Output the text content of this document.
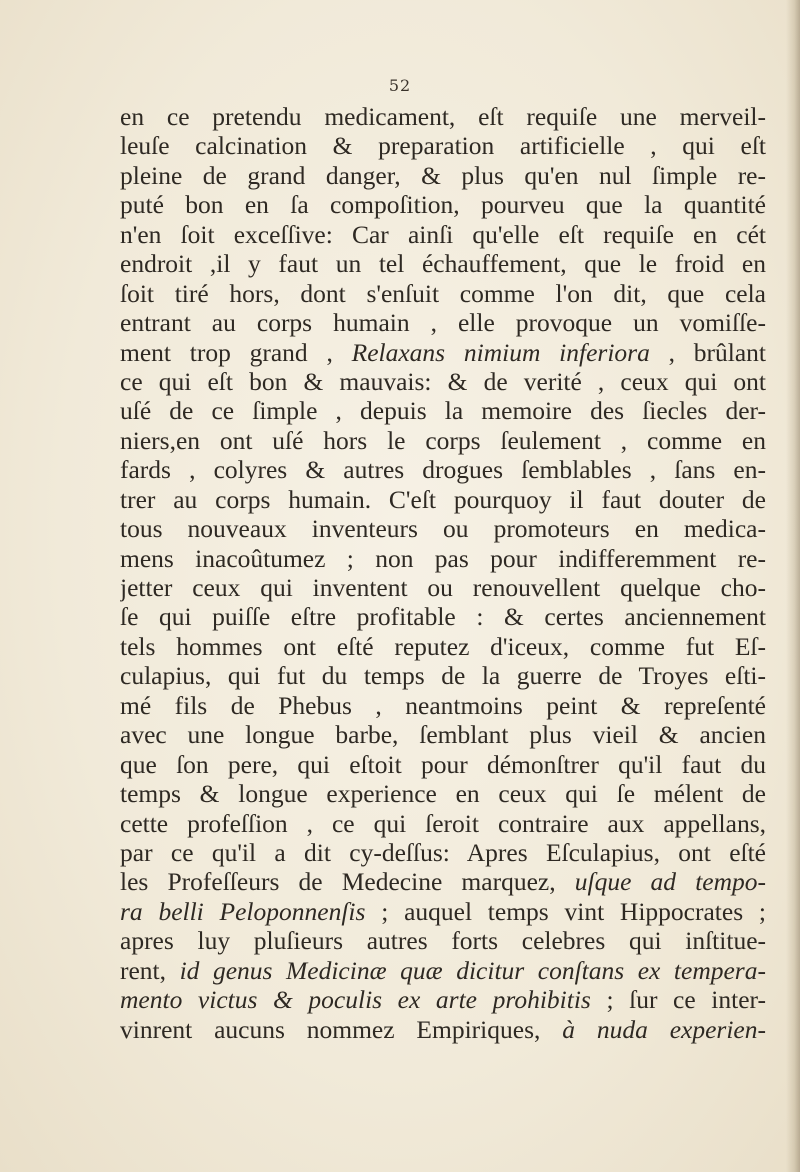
52
en ce pretendu medicament, eſt requiſe une merveil-
leuſe calcination & preparation artificielle , qui eſt
pleine de grand danger, & plus qu'en nul ſimple re-
puté bon en ſa compoſition, pourveu que la quantité
n'en ſoit exceſſive: Car ainſi qu'elle eſt requiſe en cét
endroit ,il y faut un tel échauffement, que le froid en
ſoit tiré hors, dont s'enſuit comme l'on dit, que cela
entrant au corps humain , elle provoque un vomiſſe-
ment trop grand , Relaxans nimium inferiora , brûlant
ce qui eſt bon & mauvais: & de verité , ceux qui ont
uſé de ce ſimple , depuis la memoire des ſiecles der-
niers,en ont uſé hors le corps ſeulement , comme en
fards , colyres & autres drogues ſemblables , ſans en-
trer au corps humain. C'eſt pourquoy il faut douter de
tous nouveaux inventeurs ou promoteurs en medica-
mens inacoûtumez ; non pas pour indifferemment re-
jetter ceux qui inventent ou renouvellent quelque cho-
ſe qui puiſſe eſtre profitable : & certes anciennement
tels hommes ont eſté reputez d'iceux, comme fut Eſ-
culapius, qui fut du temps de la guerre de Troyes eſti-
mé fils de Phebus , neantmoins peint & repreſenté
avec une longue barbe, ſemblant plus vieil & ancien
que ſon pere, qui eſtoit pour démonſtrer qu'il faut du
temps & longue experience en ceux qui ſe mélent de
cette profeſſion , ce qui ſeroit contraire aux appellans,
par ce qu'il a dit cy-deſſus: Apres Eſculapius, ont eſté
les Profeſſeurs de Medecine marquez, uſque ad tempo-
ra belli Peloponnenſis ; auquel temps vint Hippocrates ;
apres luy pluſieurs autres forts celebres qui inſtitue-
rent, id genus Medicinæ quæ dicitur conſtans ex tempera-
mento victus & poculis ex arte prohibitis ; ſur ce inter-
vinrent aucuns nommez Empiriques, à nuda experien-
